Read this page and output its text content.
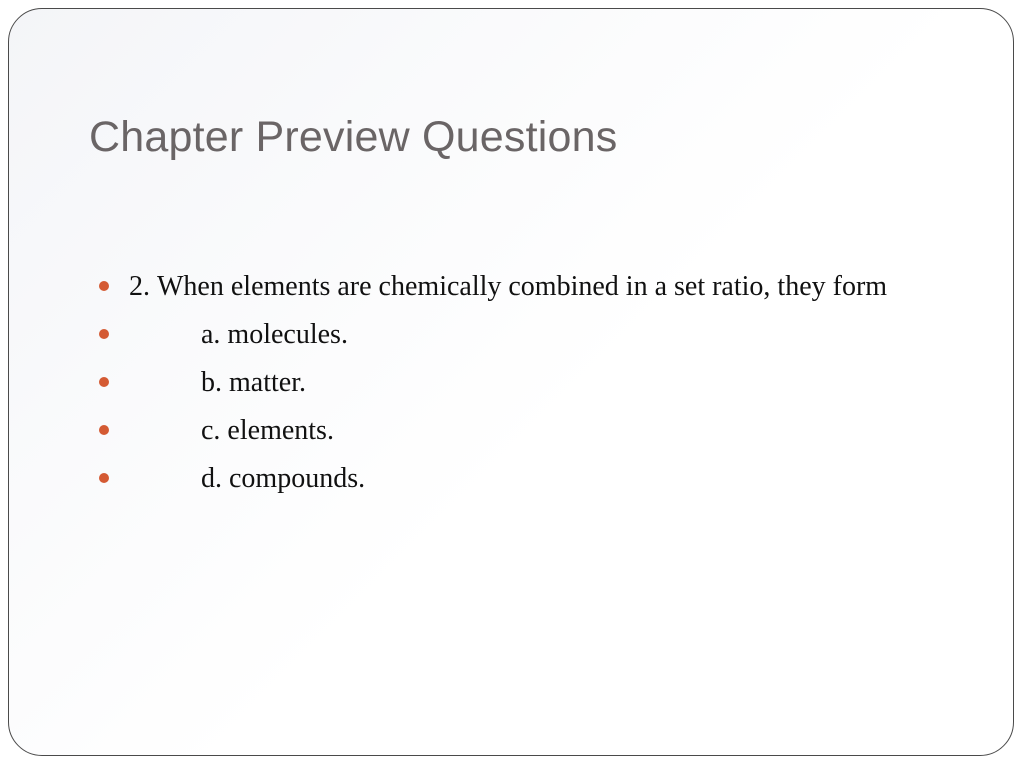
Chapter Preview Questions
2. When elements are chemically combined in a set ratio, they form
a. molecules.
b. matter.
c. elements.
d. compounds.
